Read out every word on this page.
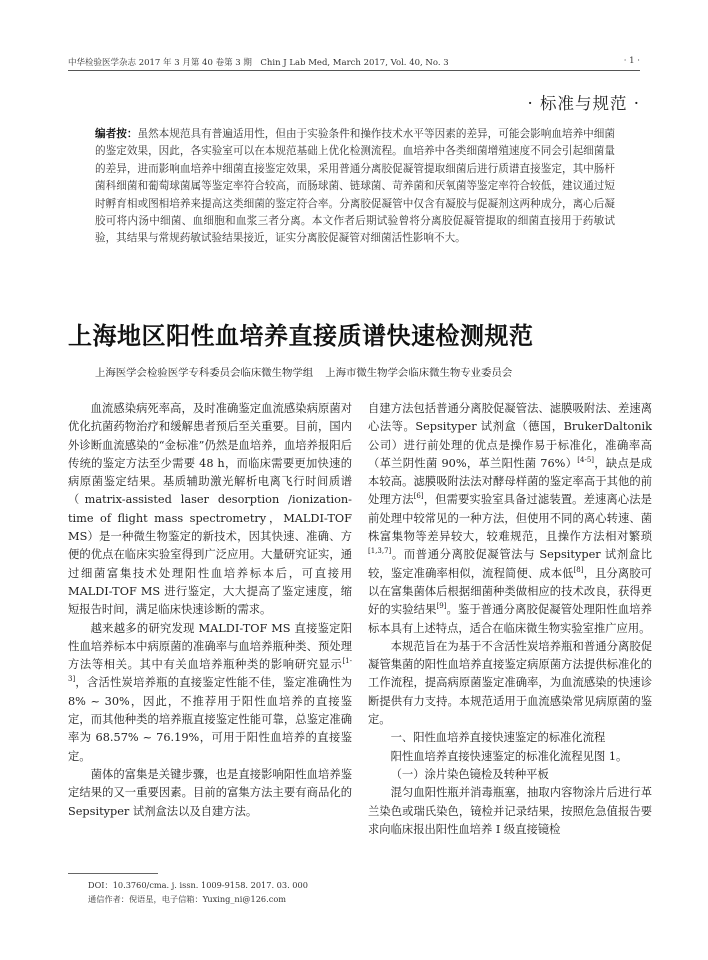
中华检验医学杂志 2017 年 3 月第 40 卷第 3 期　Chin J Lab Med, March 2017, Vol. 40, No. 3	· 1 ·
· 标准与规范 ·
编者按：虽然本规范具有普遍适用性，但由于实验条件和操作技术水平等因素的差异，可能会影响血培养中细菌的鉴定效果，因此，各实验室可以在本规范基础上优化检测流程。血培养中各类细菌增殖速度不同会引起细菌量的差异，进而影响血培养中细菌直接鉴定效果，采用普通分离胶促凝管提取细菌后进行质谱直接鉴定，其中肠杆菌科细菌和葡萄球菌属等鉴定率符合较高，而肠球菌、链球菌、苛养菌和厌氧菌等鉴定率符合较低，建议通过短时孵育相或图相培养来提高这类细菌的鉴定符合率。分离胶促凝管中仅含有凝胶与促凝剂这两种成分，离心后凝胶可将内汤中细菌、血细胞和血浆三者分离。本文作者后期试验曾将分离胶促凝管提取的细菌直接用于药敏试验，其结果与常规药敏试验结果接近，证实分离胶促凝管对细菌活性影响不大。
上海地区阳性血培养直接质谱快速检测规范
上海医学会检验医学专科委员会临床微生物学组 上海市微生物学会临床微生物专业委员会

血流感染病死率高，及时准确鉴定血流感染病原菌对优化抗菌药物治疗和缓解患者预后至关重要。目前，国内外诊断血流感染的“金标准”仍然是血培养，血培养报阳后传统的鉴定方法至少需要 48 h，而临床需要更加快速的病原菌鉴定结果。基质辅助激光解析电离飞行时间质谱（matrix-assisted laser desorption /ionization-time of flight mass spectrometry，MALDI-TOF MS）是一种微生物鉴定的新技术，因其快速、准确、方便的优点在临床实验室得到广泛应用。大量研究证实，通过细菌富集技术处理阳性血培养标本后，可直接用 MALDI-TOF MS 进行鉴定，大大提高了鉴定速度，缩短报告时间，满足临床快速诊断的需求。

越来越多的研究发现 MALDI-TOF MS 直接鉴定阳性血培养标本中病原菌的准确率与血培养瓶种类、预处理方法等相关。其中有关血培养瓶种类的影响研究显示[1-3]，含活性炭培养瓶的直接鉴定性能不佳，鉴定准确性为 8% ~ 30%，因此，不推荐用于阳性血培养的直接鉴定，而其他种类的培养瓶直接鉴定性能可靠，总鉴定准确率为 68.57% ~ 76.19%，可用于阳性血培养的直接鉴定。

菌体的富集是关键步骤，也是直接影响阳性血培养鉴定结果的又一重要因素。目前的富集方法主要有商品化的 Sepsityper 试剂盒法以及自建方法。

自建方法包括普通分离胶促凝管法、滤膜吸附法、差速离心法等。Sepsityper 试剂盒（德国，BrukerDaltonik 公司）进行前处理的优点是操作易于标准化，准确率高（革兰阴性菌 90%，革兰阳性菌 76%）[4-5]，缺点是成本较高。滤膜吸附法法对酵母样菌的鉴定率高于其他的前处理方法[6]，但需要实验室具备过滤装置。差速离心法是前处理中较常见的一种方法，但使用不同的离心转速、菌株富集物等差异较大，较难规范，且操作方法相对繁琐[1,3,7]。而普通分离胶促凝管法与 Sepsityper 试剂盒比较，鉴定准确率相似，流程简便、成本低[8]，且分离胶可以在富集菌体后根据细菌种类做相应的技术改良，获得更好的实验结果[9]。鉴于普通分离胶促凝管处理阳性血培养标本具有上述特点，适合在临床微生物实验室推广应用。

本规范旨在为基于不含活性炭培养瓶和普通分离胶促凝管集菌的阳性血培养直接鉴定病原菌方法提供标准化的工作流程，提高病原菌鉴定准确率，为血流感染的快速诊断提供有力支持。本规范适用于血流感染常见病原菌的鉴定。

一、阳性血培养直接快速鉴定的标准化流程

阳性血培养直接快速鉴定的标准化流程见图 1。

（一）涂片染色镜检及转种平板

混匀血阳性瓶并消毒瓶塞，抽取内容物涂片后进行革兰染色或瑞氏染色，镜检并记录结果，按照危急值报告要求向临床报出阳性血培养 I 级直接镜检

DOI：10.3760/cma. j. issn. 1009-9158. 2017. 03. 000
通信作者：倪语星，电子信箱：Yuxing_ni@126.com
